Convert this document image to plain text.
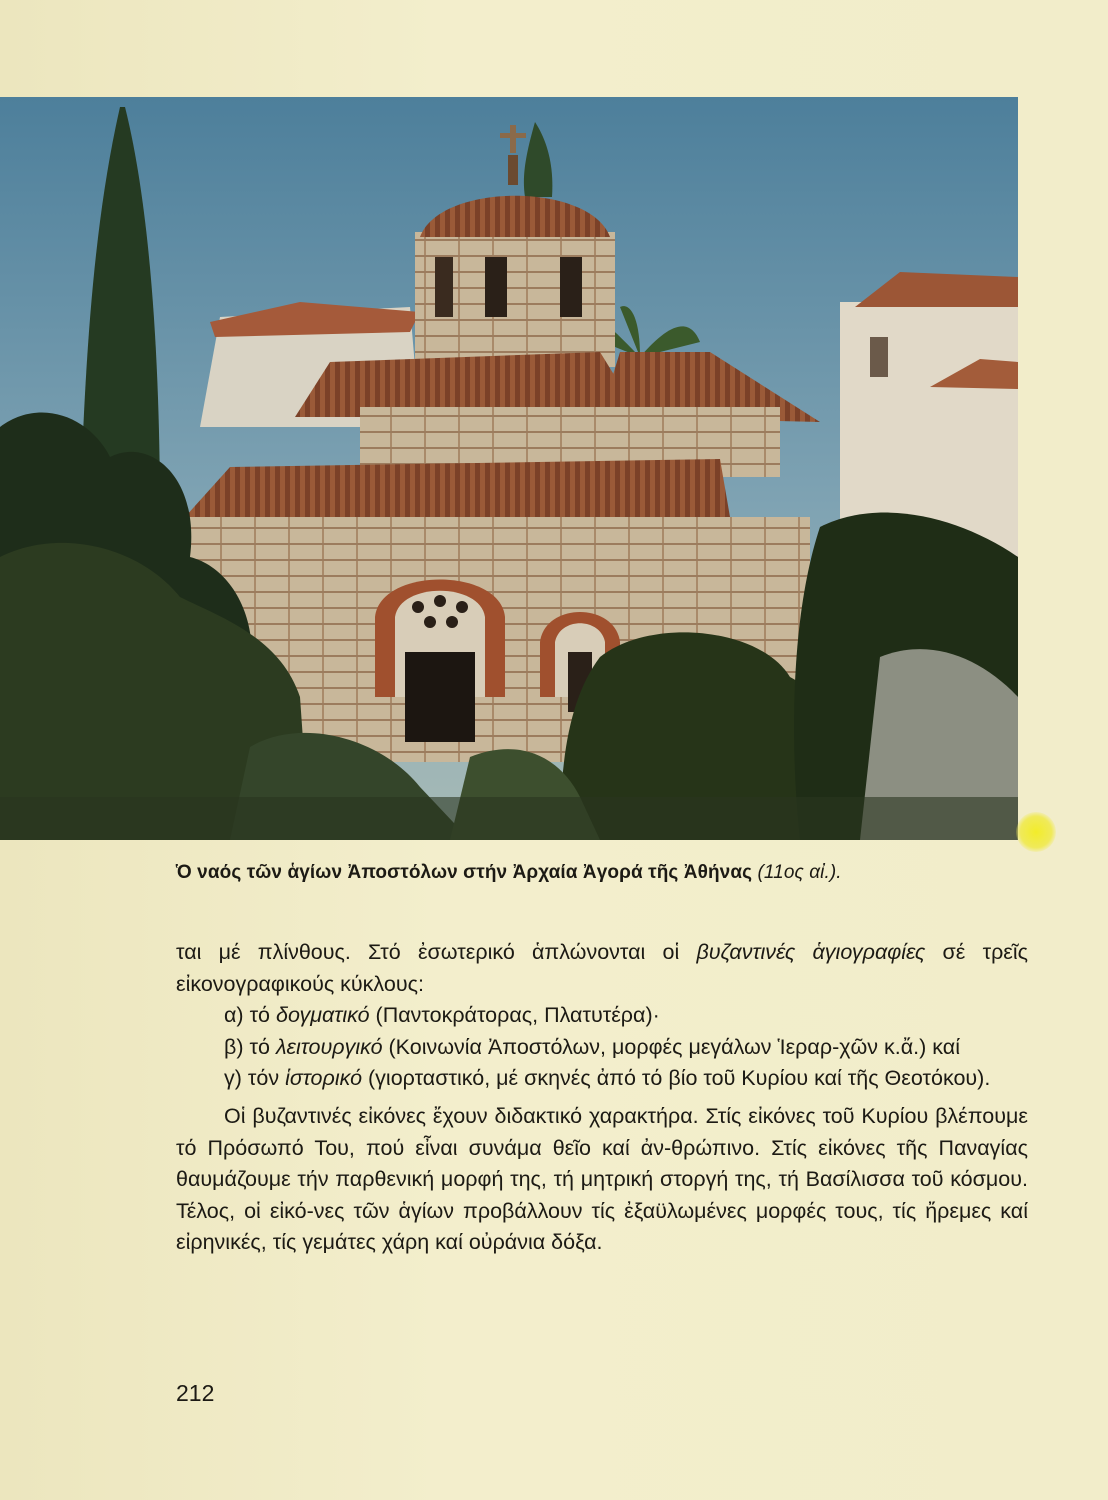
Ὁ ναός τῶν ἁγίων Ἀποστόλων στήν Ἀρχαία Ἀγορά τῆς Ἀθήνας (11ος αἰ.).

ται μέ πλίνθους. Στό ἐσωτερικό ἁπλώνονται οἱ βυζαντινές ἁγιογραφίες σέ τρεῖς εἰκονογραφικούς κύκλους:

α) τό δογματικό (Παντοκράτορας, Πλατυτέρα)·

β) τό λειτουργικό (Κοινωνία Ἀποστόλων, μορφές μεγάλων Ἱεραρ-χῶν κ.ἄ.) καί

γ) τόν ἱστορικό (γιορταστικό, μέ σκηνές ἀπό τό βίο τοῦ Κυρίου καί τῆς Θεοτόκου).

Οἱ βυζαντινές εἰκόνες ἔχουν διδακτικό χαρακτήρα. Στίς εἰκόνες τοῦ Κυρίου βλέπουμε τό Πρόσωπό Του, πού εἶναι συνάμα θεῖο καί ἀν-θρώπινο. Στίς εἰκόνες τῆς Παναγίας θαυμάζουμε τήν παρθενική μορφή της, τή μητρική στοργή της, τή Βασίλισσα τοῦ κόσμου. Τέλος, οἱ εἰκό-νες τῶν ἁγίων προβάλλουν τίς ἐξαϋλωμένες μορφές τους, τίς ἤρεμες καί εἰρηνικές, τίς γεμάτες χάρη καί οὐράνια δόξα.

212
